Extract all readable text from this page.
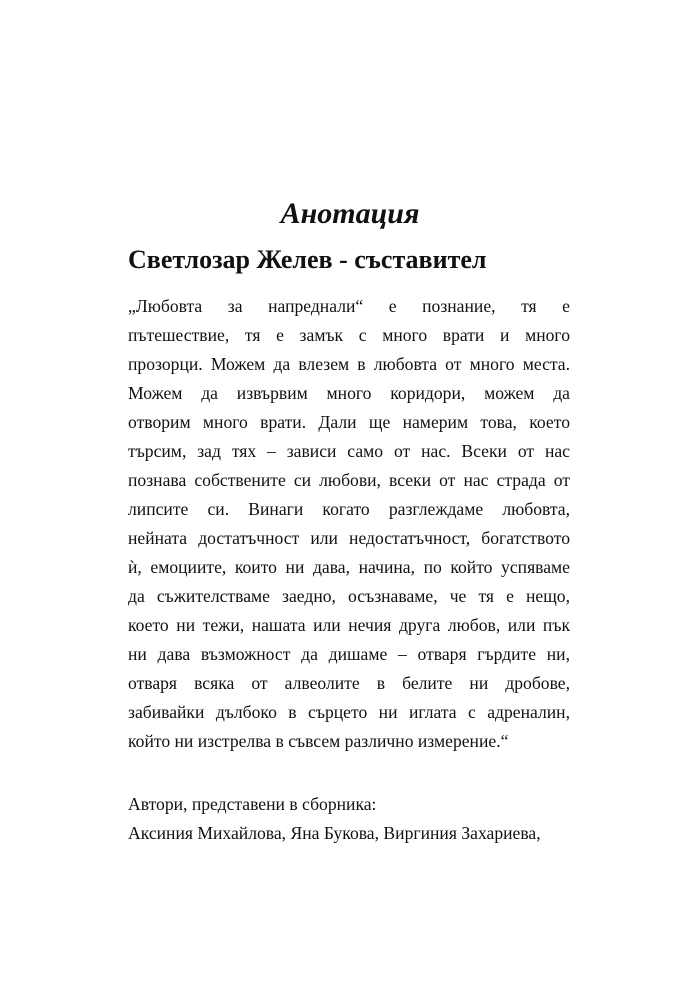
Анотация
Светлозар Желев - съставител
„Любовта за напреднали“ е познание, тя е
пътешествие, тя е замък с много врати и много
прозорци. Можем да влезем в любовта от много места.
Можем да извървим много коридори, можем да
отворим много врати. Дали ще намерим това, което
търсим, зад тях – зависи само от нас. Всеки от нас
познава собствените си любови, всеки от нас страда от
липсите си. Винаги когато разглеждаме любовта,
нейната достатъчност или недостатъчност, богатството
ѝ, емоциите, които ни дава, начина, по който успяваме
да съжителстваме заедно, осъзнаваме, че тя е нещо,
което ни тежи, нашата или нечия друга любов, или пък
ни дава възможност да дишаме – отваря гърдите ни,
отваря всяка от алвеолите в белите ни дробове,
забивайки дълбоко в сърцето ни иглата с адреналин,
който ни изстрелва в съвсем различно измерение.“
Автори, представени в сборника:
Аксиния Михайлова, Яна Букова, Виргиния Захариева,
